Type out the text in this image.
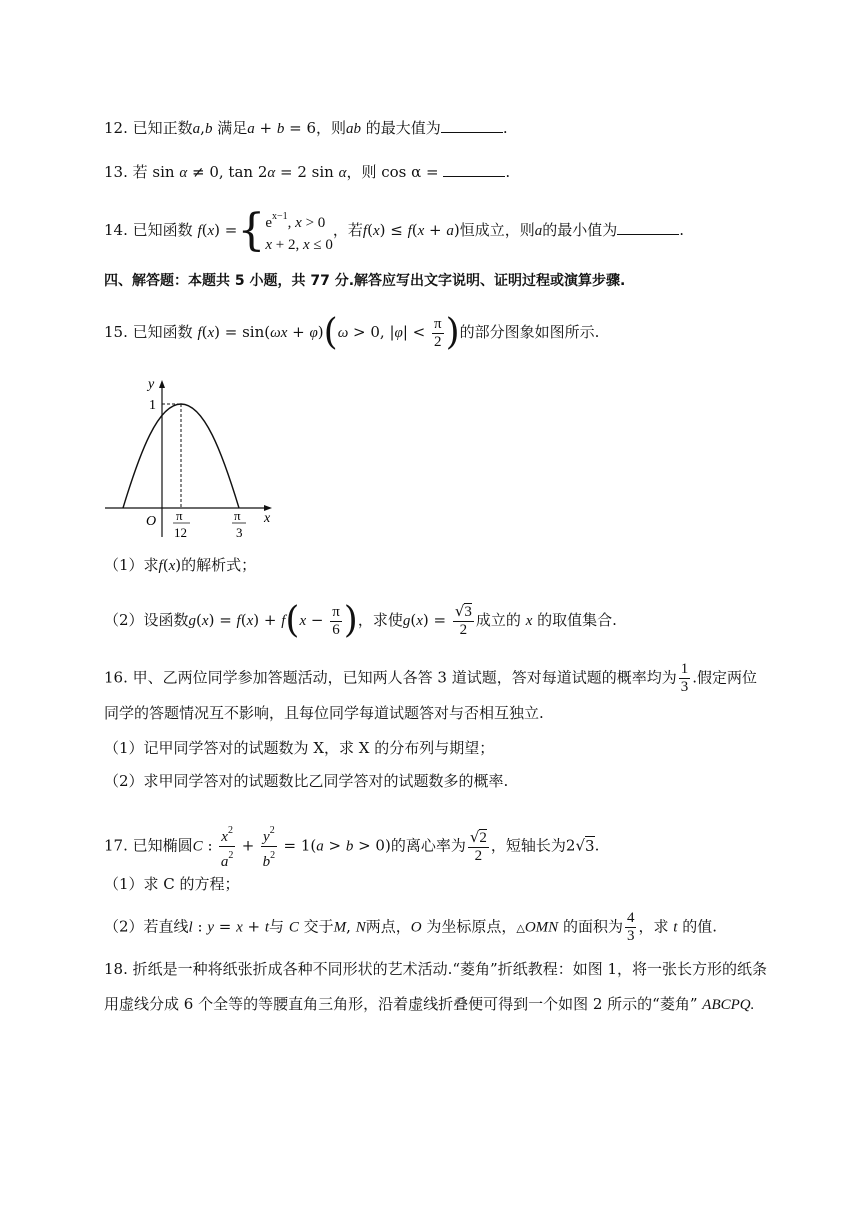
12. 已知正数a,b 满足a + b = 6，则ab 的最大值为	.
13. 若 sin α ≠ 0, tan 2α = 2 sin α，则 cos α =	.
14. 已知函数 f(x) ={ $e^{x-1}$, x > 0
x + 2, x ≤ 0
，若f(x) ≤ f(x + a)恒成立，则a的最小值为	.
四、解答题：本题共 5 小题，共 77 分.解答应写出文字说明、证明过程或演算步骤.
15. 已知函数 f(x) = sin(ωx + φ)(ω > 0, $|\varphi| < \frac{\pi}{2}$ )的部分图象如图所示.
y
1
O	x
π
12
π
3
（1）求f(x)的解析式；
（2）设函数$g(x) = f(x) + f(x - \frac{\pi}{6}$ )，求使$g(x) = \frac{√3}{2}$ 成立的 x 的取值集合.
16. 甲、乙两位同学参加答题活动，已知两人各答 3 道试题，答对每道试题的概率均为 $\frac{1}{3}$ .假定两位
同学的答题情况互不影响，且每位同学每道试题答对与否相互独立.
（1）记甲同学答对的试题数为 X，求 X 的分布列与期望；
（2）求甲同学答对的试题数比乙同学答对的试题数多的概率.
17. 已知椭圆C : $\frac{x^2}{a^2} + \frac{y^2}{b^2} = 1(a > b > 0)$的离心率为 $\frac{√2}{2}$ ，短轴长为2√3.
（1）求 C 的方程；
（2）若直线l : y = x + t与 C 交于M, N两点，O 为坐标原点，△OMN 的面积为 $\frac{4}{3}$ ，求 t 的值.
18. 折纸是一种将纸张折成各种不同形状的艺术活动.“菱角”折纸教程：如图 1，将一张长方形的纸条
用虚线分成 6 个全等的等腰直角三角形，沿着虚线折叠便可得到一个如图 2 所示的“菱角” ABCPQ.
